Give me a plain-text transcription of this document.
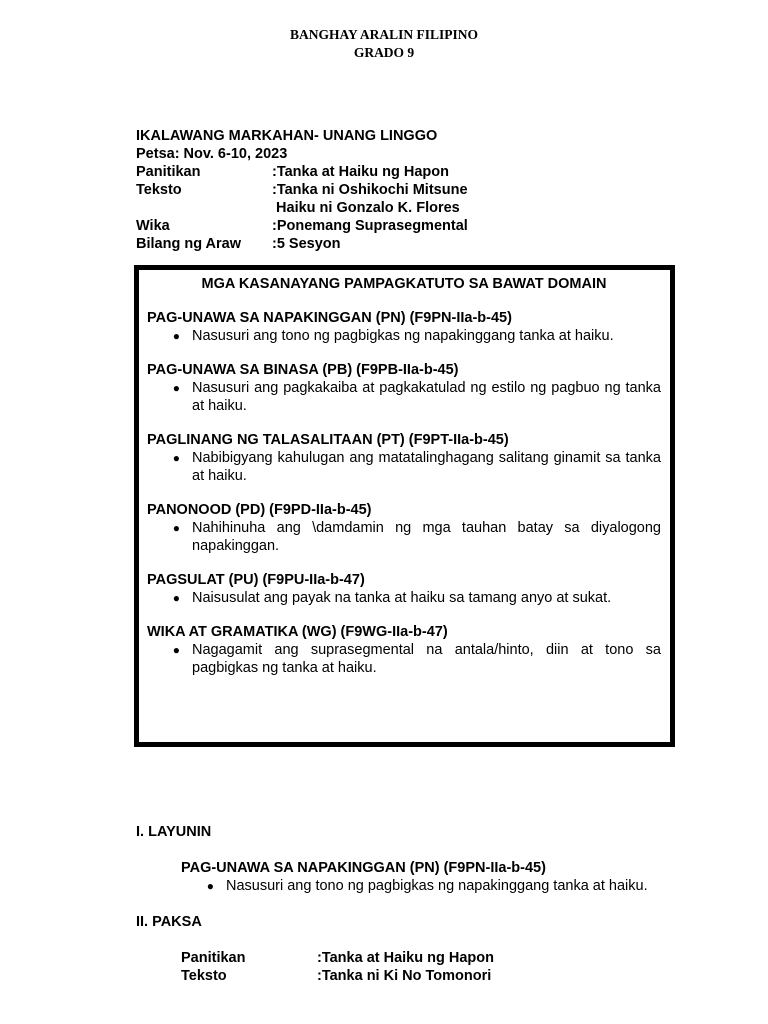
BANGHAY ARALIN FILIPINO
GRADO 9
IKALAWANG MARKAHAN- UNANG LINGGO
Petsa: Nov. 6-10, 2023
Panitikan	:Tanka at Haiku ng Hapon
Teksto	:Tanka ni Oshikochi Mitsune
Haiku ni Gonzalo K. Flores
Wika	:Ponemang Suprasegmental
Bilang ng Araw	:5 Sesyon
MGA KASANAYANG PAMPAGKATUTO SA BAWAT DOMAIN
PAG-UNAWA SA NAPAKINGGAN (PN) (F9PN-IIa-b-45)
● Nasusuri ang tono ng pagbigkas ng napakinggang tanka at haiku.
PAG-UNAWA SA BINASA (PB) (F9PB-IIa-b-45)
● Nasusuri ang pagkakaiba at pagkakatulad ng estilo ng pagbuo ng tanka at haiku.
PAGLINANG NG TALASALITAAN (PT) (F9PT-IIa-b-45)
● Nabibigyang kahulugan ang matatalinghagang salitang ginamit sa tanka at haiku.
PANONOOD (PD) (F9PD-IIa-b-45)
● Nahihinuha ang \damdamin ng mga tauhan batay sa diyalogong napakinggan.
PAGSULAT (PU) (F9PU-IIa-b-47)
● Naisusulat ang payak na tanka at haiku sa tamang anyo at sukat.
WIKA AT GRAMATIKA (WG) (F9WG-IIa-b-47)
● Nagagamit ang suprasegmental na antala/hinto, diin at tono sa pagbigkas ng tanka at haiku.
I. LAYUNIN
PAG-UNAWA SA NAPAKINGGAN (PN) (F9PN-IIa-b-45)
● Nasusuri ang tono ng pagbigkas ng napakinggang tanka at haiku.
II. PAKSA
Panitikan	:Tanka at Haiku ng Hapon
Teksto	:Tanka ni Ki No Tomonori
